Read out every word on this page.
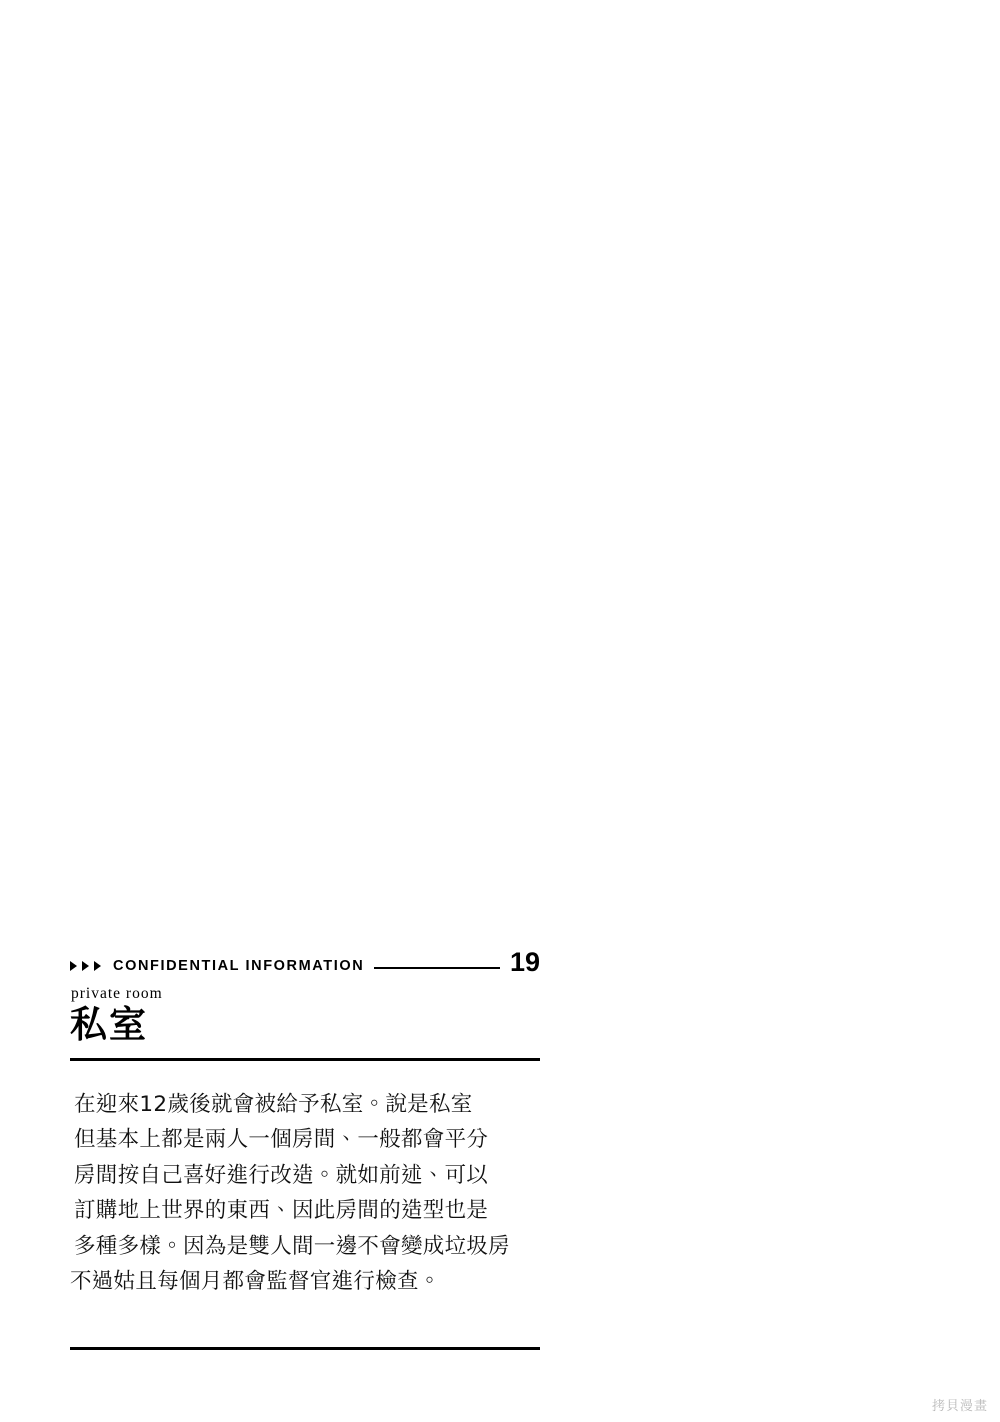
CONFIDENTIAL INFORMATION	19
private room
私室
在迎來12歲後就會被給予私室。說是私室
但基本上都是兩人一個房間、一般都會平分
房間按自己喜好進行改造。就如前述、可以
訂購地上世界的東西、因此房間的造型也是
多種多樣。因為是雙人間一邊不會變成垃圾房
不過姑且每個月都會監督官進行檢查。
拷貝漫畫
